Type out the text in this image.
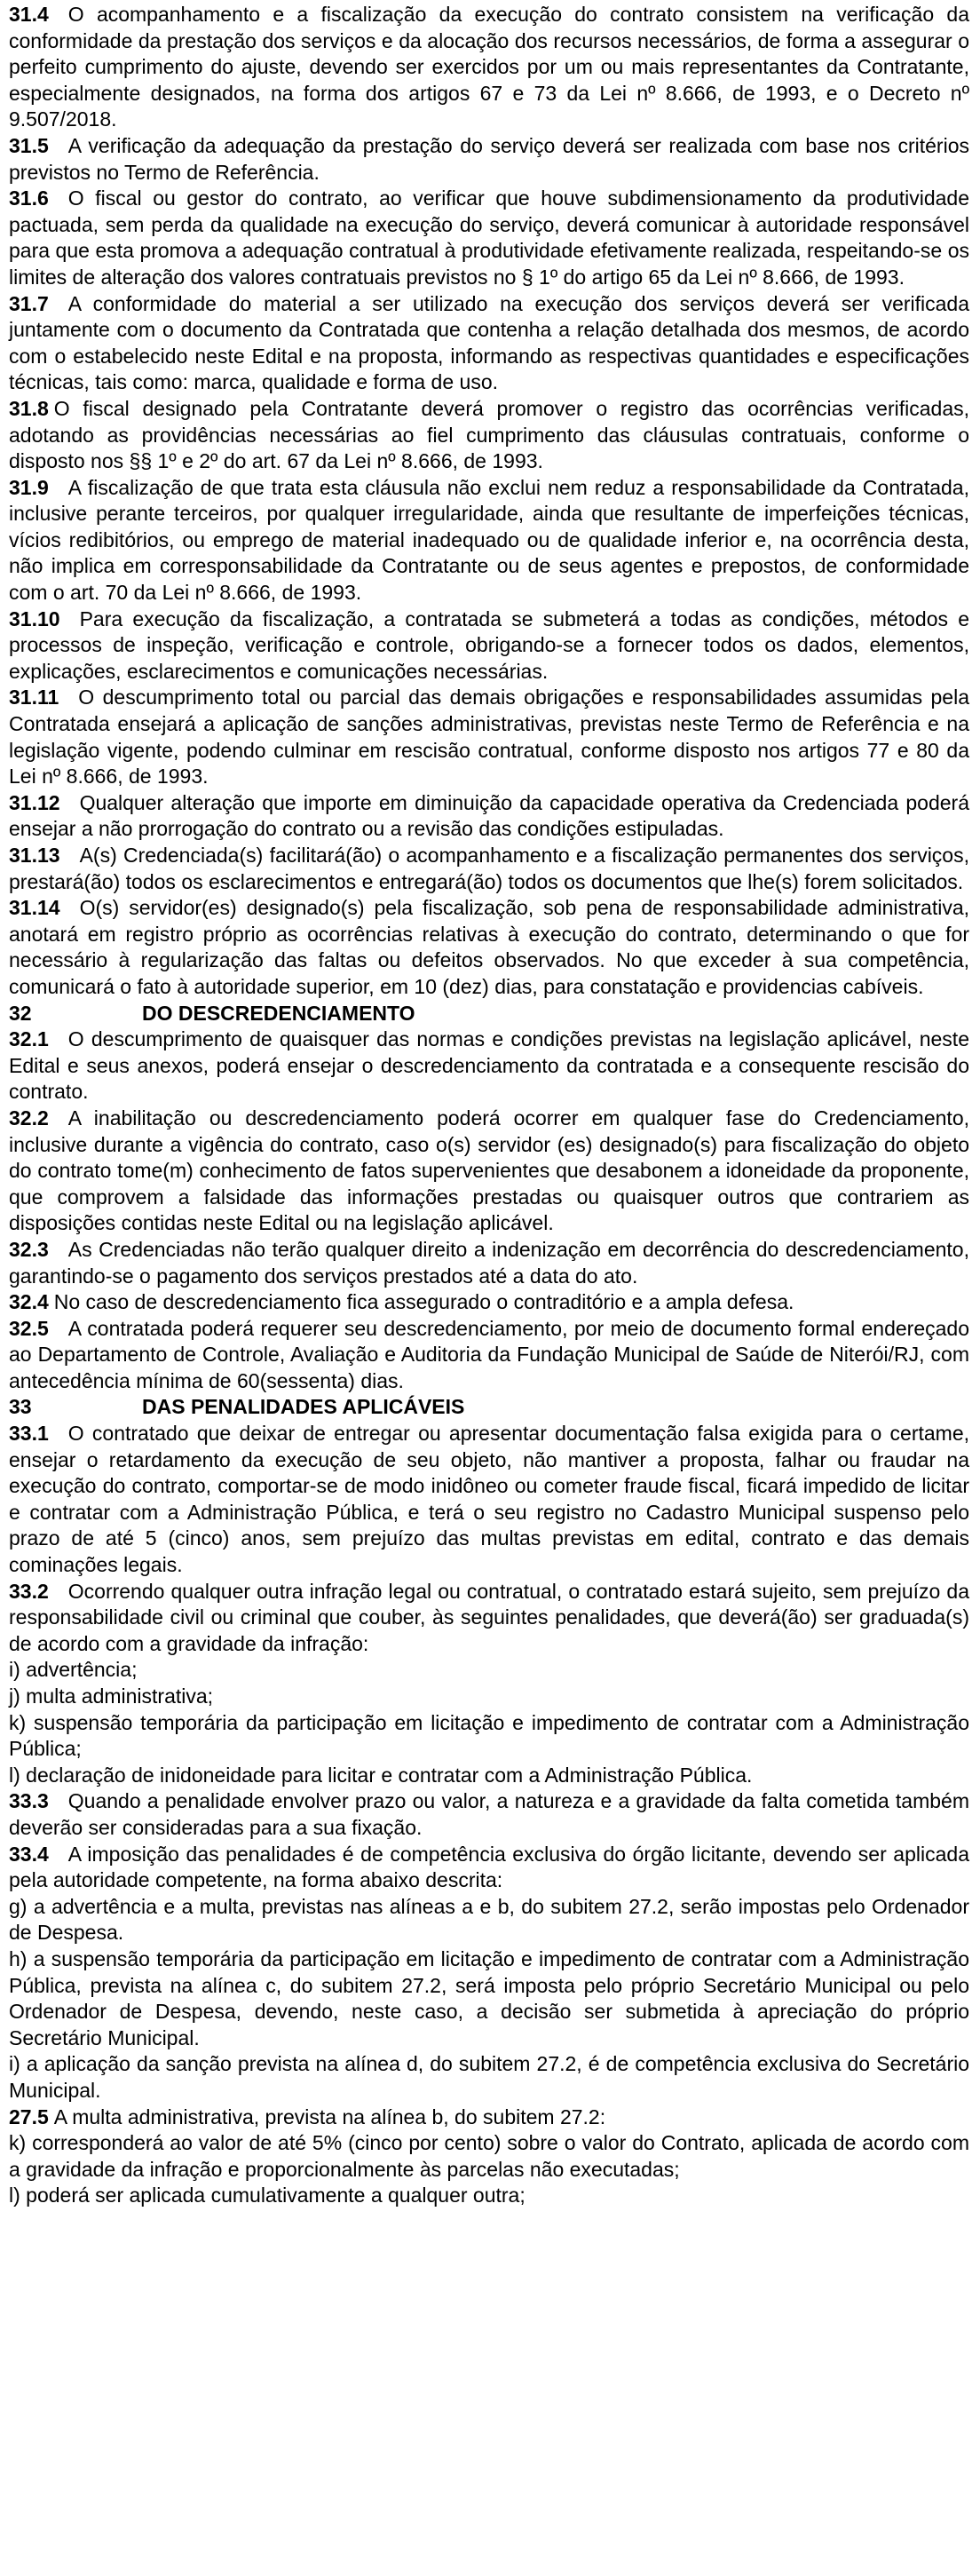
31.4 O acompanhamento e a fiscalização da execução do contrato consistem na verificação da conformidade da prestação dos serviços e da alocação dos recursos necessários, de forma a assegurar o perfeito cumprimento do ajuste, devendo ser exercidos por um ou mais representantes da Contratante, especialmente designados, na forma dos artigos 67 e 73 da Lei nº 8.666, de 1993, e o Decreto nº 9.507/2018.

31.5 A verificação da adequação da prestação do serviço deverá ser realizada com base nos critérios previstos no Termo de Referência.

31.6 O fiscal ou gestor do contrato, ao verificar que houve subdimensionamento da produtividade pactuada, sem perda da qualidade na execução do serviço, deverá comunicar à autoridade responsável para que esta promova a adequação contratual à produtividade efetivamente realizada, respeitando-se os limites de alteração dos valores contratuais previstos no § 1º do artigo 65 da Lei nº 8.666, de 1993.

31.7 A conformidade do material a ser utilizado na execução dos serviços deverá ser verificada juntamente com o documento da Contratada que contenha a relação detalhada dos mesmos, de acordo com o estabelecido neste Edital e na proposta, informando as respectivas quantidades e especificações técnicas, tais como: marca, qualidade e forma de uso.

31.8 O fiscal designado pela Contratante deverá promover o registro das ocorrências verificadas, adotando as providências necessárias ao fiel cumprimento das cláusulas contratuais, conforme o disposto nos §§ 1º e 2º do art. 67 da Lei nº 8.666, de 1993.

31.9 A fiscalização de que trata esta cláusula não exclui nem reduz a responsabilidade da Contratada, inclusive perante terceiros, por qualquer irregularidade, ainda que resultante de imperfeições técnicas, vícios redibitórios, ou emprego de material inadequado ou de qualidade inferior e, na ocorrência desta, não implica em corresponsabilidade da Contratante ou de seus agentes e prepostos, de conformidade com o art. 70 da Lei nº 8.666, de 1993.

31.10 Para execução da fiscalização, a contratada se submeterá a todas as condições, métodos e processos de inspeção, verificação e controle, obrigando-se a fornecer todos os dados, elementos, explicações, esclarecimentos e comunicações necessárias.

31.11 O descumprimento total ou parcial das demais obrigações e responsabilidades assumidas pela Contratada ensejará a aplicação de sanções administrativas, previstas neste Termo de Referência e na legislação vigente, podendo culminar em rescisão contratual, conforme disposto nos artigos 77 e 80 da Lei nº 8.666, de 1993.

31.12 Qualquer alteração que importe em diminuição da capacidade operativa da Credenciada poderá ensejar a não prorrogação do contrato ou a revisão das condições estipuladas.

31.13 A(s) Credenciada(s) facilitará(ão) o acompanhamento e a fiscalização permanentes dos serviços, prestará(ão) todos os esclarecimentos e entregará(ão) todos os documentos que lhe(s) forem solicitados.

31.14 O(s) servidor(es) designado(s) pela fiscalização, sob pena de responsabilidade administrativa, anotará em registro próprio as ocorrências relativas à execução do contrato, determinando o que for necessário à regularização das faltas ou defeitos observados. No que exceder à sua competência, comunicará o fato à autoridade superior, em 10 (dez) dias, para constatação e providencias cabíveis.

32	DO DESCREDENCIAMENTO

32.1 O descumprimento de quaisquer das normas e condições previstas na legislação aplicável, neste Edital e seus anexos, poderá ensejar o descredenciamento da contratada e a consequente rescisão do contrato.

32.2 A inabilitação ou descredenciamento poderá ocorrer em qualquer fase do Credenciamento, inclusive durante a vigência do contrato, caso o(s) servidor (es) designado(s) para fiscalização do objeto do contrato tome(m) conhecimento de fatos supervenientes que desabonem a idoneidade da proponente, que comprovem a falsidade das informações prestadas ou quaisquer outros que contrariem as disposições contidas neste Edital ou na legislação aplicável.

32.3 As Credenciadas não terão qualquer direito a indenização em decorrência do descredenciamento, garantindo-se o pagamento dos serviços prestados até a data do ato.

32.4 No caso de descredenciamento fica assegurado o contraditório e a ampla defesa.

32.5 A contratada poderá requerer seu descredenciamento, por meio de documento formal endereçado ao Departamento de Controle, Avaliação e Auditoria da Fundação Municipal de Saúde de Niterói/RJ, com antecedência mínima de 60(sessenta) dias.

33	DAS PENALIDADES APLICÁVEIS

33.1 O contratado que deixar de entregar ou apresentar documentação falsa exigida para o certame, ensejar o retardamento da execução de seu objeto, não mantiver a proposta, falhar ou fraudar na execução do contrato, comportar-se de modo inidôneo ou cometer fraude fiscal, ficará impedido de licitar e contratar com a Administração Pública, e terá o seu registro no Cadastro Municipal suspenso pelo prazo de até 5 (cinco) anos, sem prejuízo das multas previstas em edital, contrato e das demais cominações legais.

33.2 Ocorrendo qualquer outra infração legal ou contratual, o contratado estará sujeito, sem prejuízo da responsabilidade civil ou criminal que couber, às seguintes penalidades, que deverá(ão) ser graduada(s) de acordo com a gravidade da infração:

i) advertência;

j) multa administrativa;

k) suspensão temporária da participação em licitação e impedimento de contratar com a Administração Pública;

l) declaração de inidoneidade para licitar e contratar com a Administração Pública.

33.3 Quando a penalidade envolver prazo ou valor, a natureza e a gravidade da falta cometida também deverão ser consideradas para a sua fixação.

33.4 A imposição das penalidades é de competência exclusiva do órgão licitante, devendo ser aplicada pela autoridade competente, na forma abaixo descrita:

g) a advertência e a multa, previstas nas alíneas a e b, do subitem 27.2, serão impostas pelo Ordenador de Despesa.

h) a suspensão temporária da participação em licitação e impedimento de contratar com a Administração Pública, prevista na alínea c, do subitem 27.2, será imposta pelo próprio Secretário Municipal ou pelo Ordenador de Despesa, devendo, neste caso, a decisão ser submetida à apreciação do próprio Secretário Municipal.

i) a aplicação da sanção prevista na alínea d, do subitem 27.2, é de competência exclusiva do Secretário Municipal.

27.5 A multa administrativa, prevista na alínea b, do subitem 27.2:

k) corresponderá ao valor de até 5% (cinco por cento) sobre o valor do Contrato, aplicada de acordo com a gravidade da infração e proporcionalmente às parcelas não executadas;

l) poderá ser aplicada cumulativamente a qualquer outra;
